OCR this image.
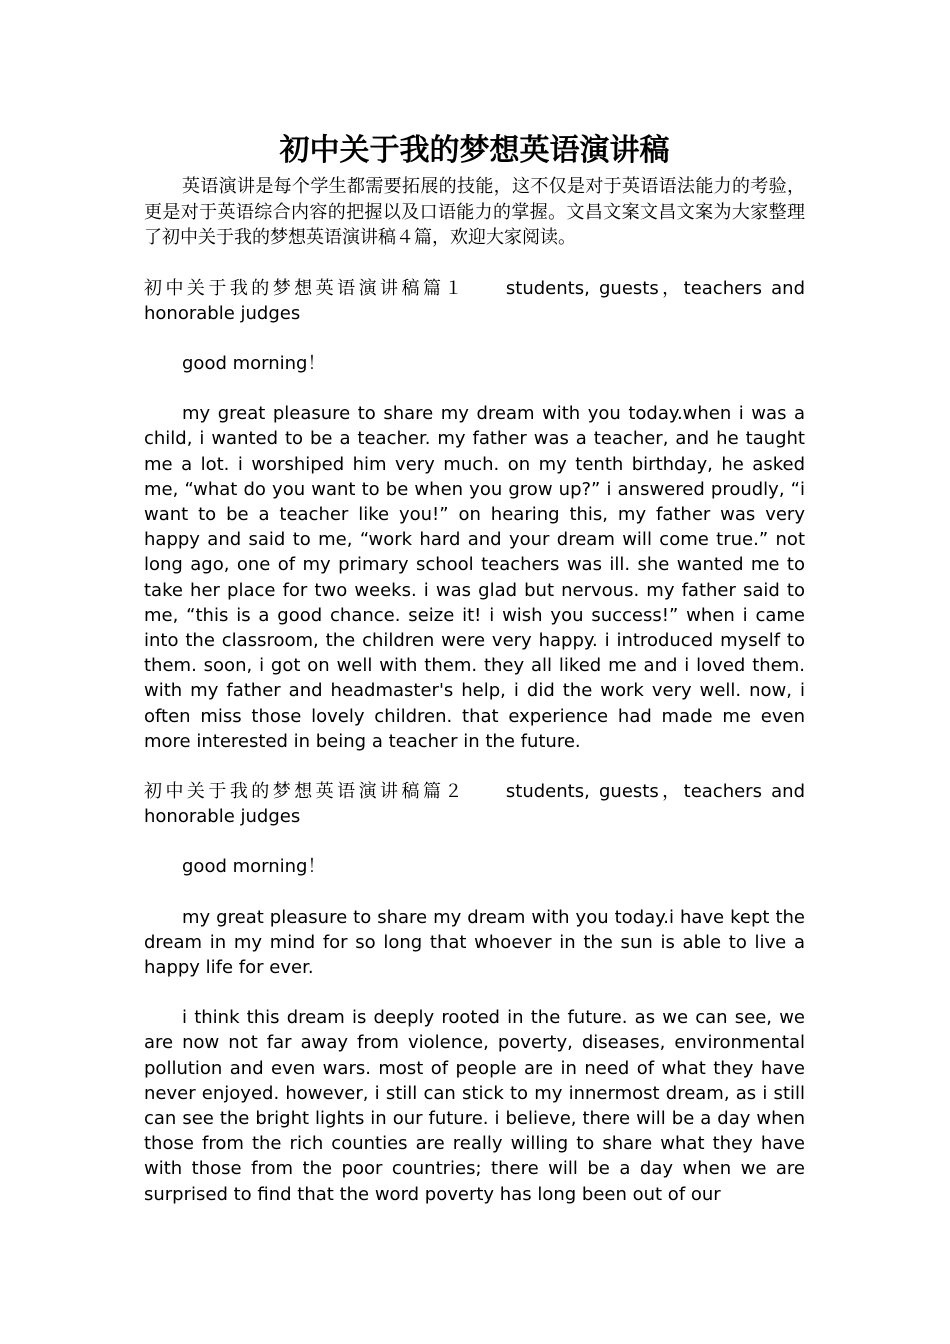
初中关于我的梦想英语演讲稿

英语演讲是每个学生都需要拓展的技能，这不仅是对于英语语法能力的考验，更是对于英语综合内容的把握以及口语能力的掌握。文昌文案文昌文案为大家整理了初中关于我的梦想英语演讲稿４篇，欢迎大家阅读。

初中关于我的梦想英语演讲稿篇１ students, guests，teachers and honorable judges

good morning！

my great pleasure to share my dream with you today.when i was a child, i wanted to be a teacher. my father was a teacher, and he taught me a lot. i worshiped him very much. on my tenth birthday, he asked me, “what do you want to be when you grow up?” i answered proudly, “i want to be a teacher like you!” on hearing this, my father was very happy and said to me, “work hard and your dream will come true.” not long ago, one of my primary school teachers was ill. she wanted me to take her place for two weeks. i was glad but nervous. my father said to me, “this is a good chance. seize it! i wish you success!” when i came into the classroom, the children were very happy. i introduced myself to them. soon, i got on well with them. they all liked me and i loved them. with my father and headmaster's help, i did the work very well. now, i often miss those lovely children. that experience had made me even more interested in being a teacher in the future.

初中关于我的梦想英语演讲稿篇２ students, guests，teachers and honorable judges

good morning！

my great pleasure to share my dream with you today.i have kept the dream in my mind for so long that whoever in the sun is able to live a happy life for ever.

i think this dream is deeply rooted in the future. as we can see, we are now not far away from violence, poverty, diseases, environmental pollution and even wars. most of people are in need of what they have never enjoyed. however, i still can stick to my innermost dream, as i still can see the bright lights in our future. i believe, there will be a day when those from the rich counties are really willing to share what they have with those from the poor countries; there will be a day when we are surprised to find that the word poverty has long been out of our
